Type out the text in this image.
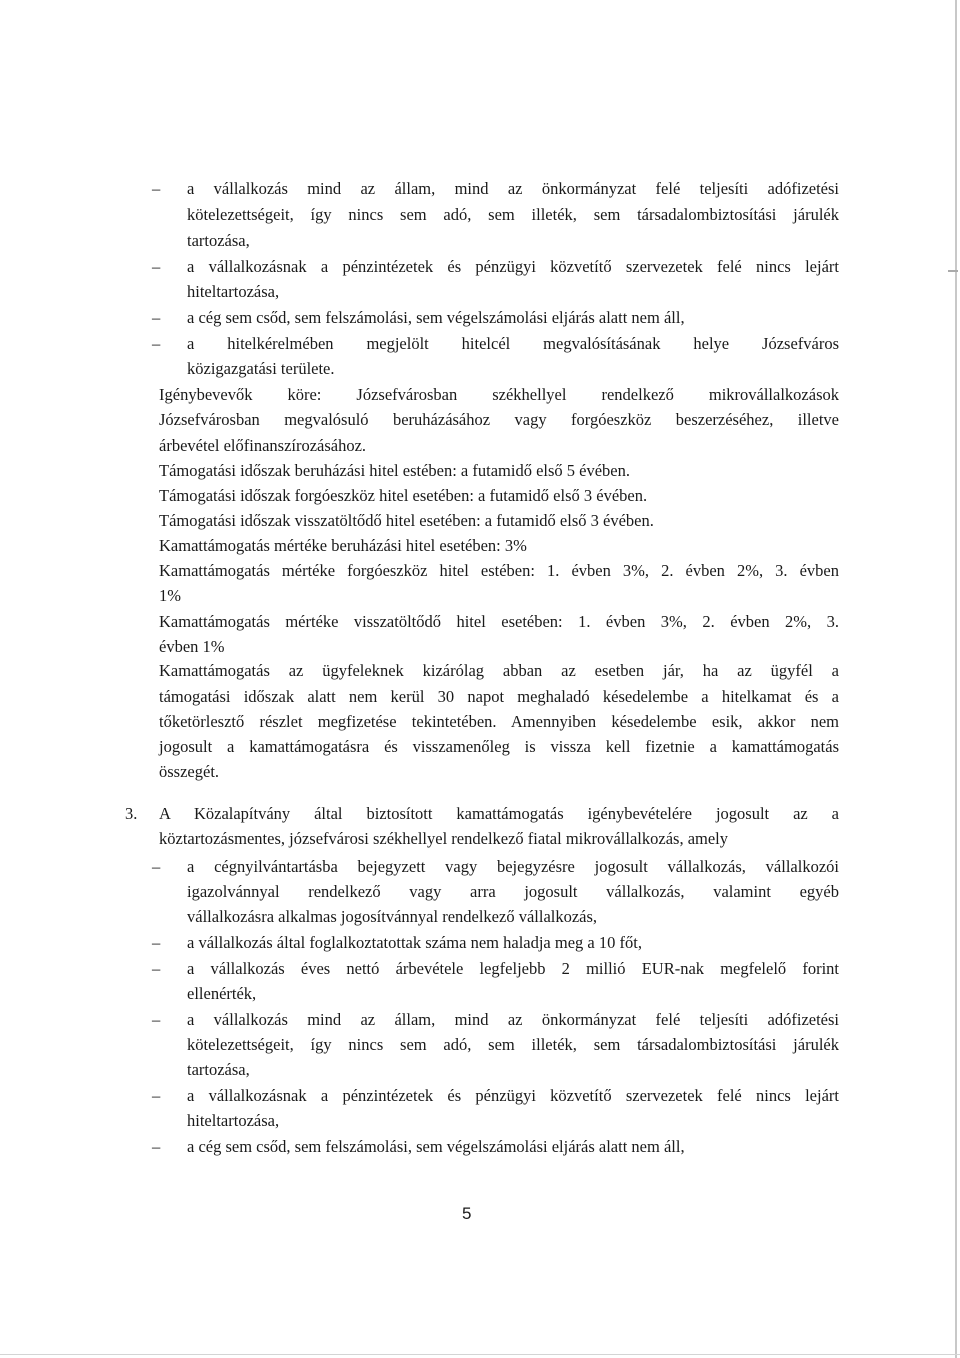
– a vállalkozás mind az állam, mind az önkormányzat felé teljesíti adófizetési

kötelezettségeit, így nincs sem adó, sem illeték, sem társadalombiztosítási járulék

tartozása,

– a vállalkozásnak a pénzintézetek és pénzügyi közvetítő szervezetek felé nincs lejárt

hiteltartozása,

– a cég sem csőd, sem felszámolási, sem végelszámolási eljárás alatt nem áll,

– a hitelkérelmében megjelölt hitelcél megvalósításának helye Józsefváros

közigazgatási területe.

Igénybevevők köre: Józsefvárosban székhellyel rendelkező mikrovállalkozások

Józsefvárosban megvalósuló beruházásához vagy forgóeszköz beszerzéséhez, illetve

árbevétel előfinanszírozásához.

Támogatási időszak beruházási hitel estében: a futamidő első 5 évében.

Támogatási időszak forgóeszköz hitel esetében: a futamidő első 3 évében.

Támogatási időszak visszatöltődő hitel esetében: a futamidő első 3 évében.

Kamattámogatás mértéke beruházási hitel esetében: 3%

Kamattámogatás mértéke forgóeszköz hitel estében: 1. évben 3%, 2. évben 2%, 3. évben

1%

Kamattámogatás mértéke visszatöltődő hitel esetében: 1. évben 3%, 2. évben 2%, 3.

évben 1%

Kamattámogatás az ügyfeleknek kizárólag abban az esetben jár, ha az ügyfél a

támogatási időszak alatt nem kerül 30 napot meghaladó késedelembe a hitelkamat és a

tőketörlesztő részlet megfizetése tekintetében. Amennyiben késedelembe esik, akkor nem

jogosult a kamattámogatásra és visszamenőleg is vissza kell fizetnie a kamattámogatás

összegét.

3. A Közalapítvány által biztosított kamattámogatás igénybevételére jogosult az a

köztartozásmentes, józsefvárosi székhellyel rendelkező fiatal mikrovállalkozás, amely

– a cégnyilvántartásba bejegyzett vagy bejegyzésre jogosult vállalkozás, vállalkozói

igazolvánnyal rendelkező vagy arra jogosult vállalkozás, valamint egyéb

vállalkozásra alkalmas jogosítvánnyal rendelkező vállalkozás,

– a vállalkozás által foglalkoztatottak száma nem haladja meg a 10 főt,

– a vállalkozás éves nettó árbevétele legfeljebb 2 millió EUR-nak megfelelő forint

ellenérték,

– a vállalkozás mind az állam, mind az önkormányzat felé teljesíti adófizetési

kötelezettségeit, így nincs sem adó, sem illeték, sem társadalombiztosítási járulék

tartozása,

– a vállalkozásnak a pénzintézetek és pénzügyi közvetítő szervezetek felé nincs lejárt

hiteltartozása,

– a cég sem csőd, sem felszámolási, sem végelszámolási eljárás alatt nem áll,

5
